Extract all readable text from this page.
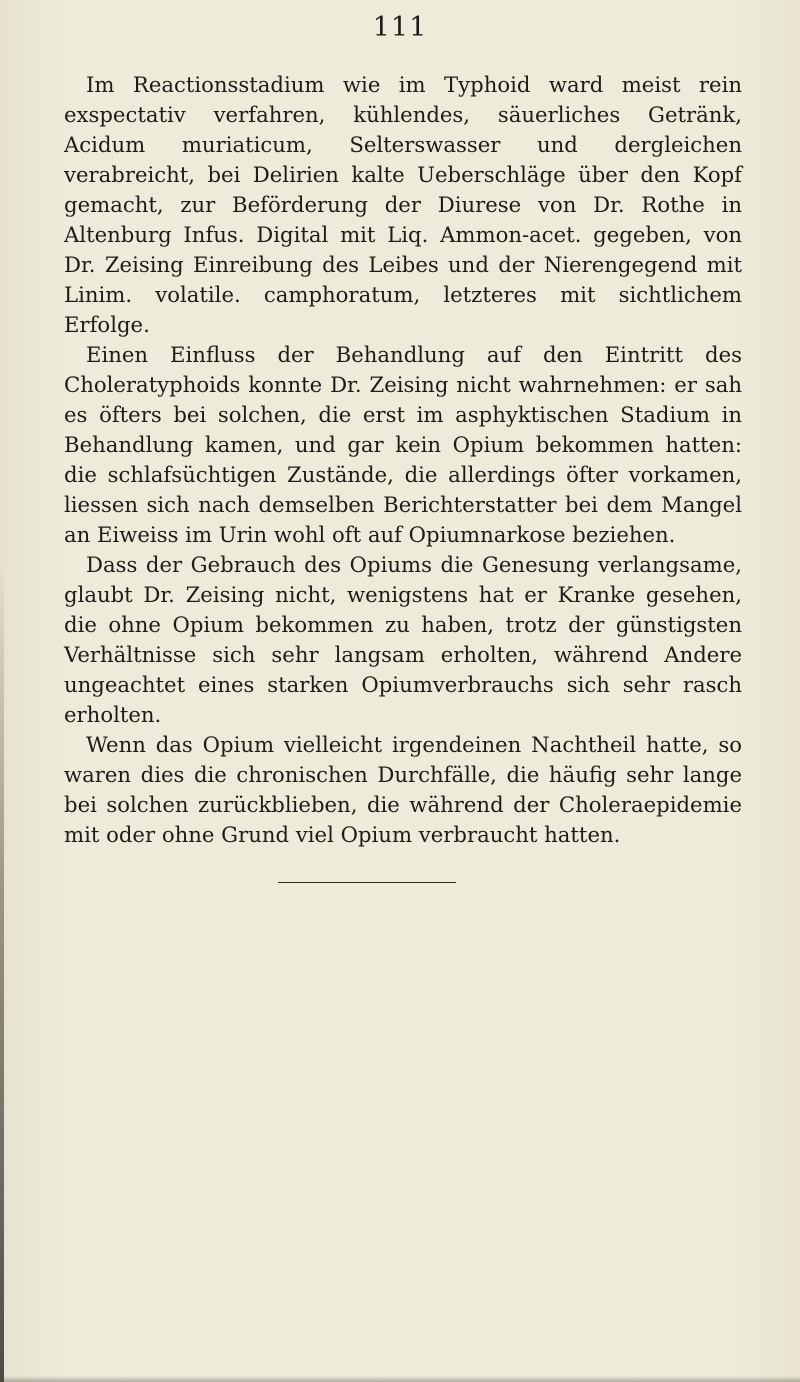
111

Im Reactionsstadium wie im Typhoid ward meist rein exspectativ verfahren, kühlendes, säuerliches Getränk, Acidum muriaticum, Selterswasser und dergleichen verabreicht, bei Delirien kalte Ueberschläge über den Kopf gemacht, zur Beförderung der Diurese von Dr. Rothe in Altenburg Infus. Digital mit Liq. Ammon-acet. gegeben, von Dr. Zeising Einreibung des Leibes und der Nierengegend mit Linim. volatile. camphoratum, letzteres mit sichtlichem Erfolge.

Einen Einfluss der Behandlung auf den Eintritt des Choleratyphoids konnte Dr. Zeising nicht wahrnehmen: er sah es öfters bei solchen, die erst im asphyktischen Stadium in Behandlung kamen, und gar kein Opium bekommen hatten: die schlafsüchtigen Zustände, die allerdings öfter vorkamen, liessen sich nach demselben Berichterstatter bei dem Mangel an Eiweiss im Urin wohl oft auf Opiumnarkose beziehen.

Dass der Gebrauch des Opiums die Genesung verlangsame, glaubt Dr. Zeising nicht, wenigstens hat er Kranke gesehen, die ohne Opium bekommen zu haben, trotz der günstigsten Verhältnisse sich sehr langsam erholten, während Andere ungeachtet eines starken Opiumverbrauchs sich sehr rasch erholten.

Wenn das Opium vielleicht irgendeinen Nachtheil hatte, so waren dies die chronischen Durchfälle, die häufig sehr lange bei solchen zurückblieben, die während der Choleraepidemie mit oder ohne Grund viel Opium verbraucht hatten.
